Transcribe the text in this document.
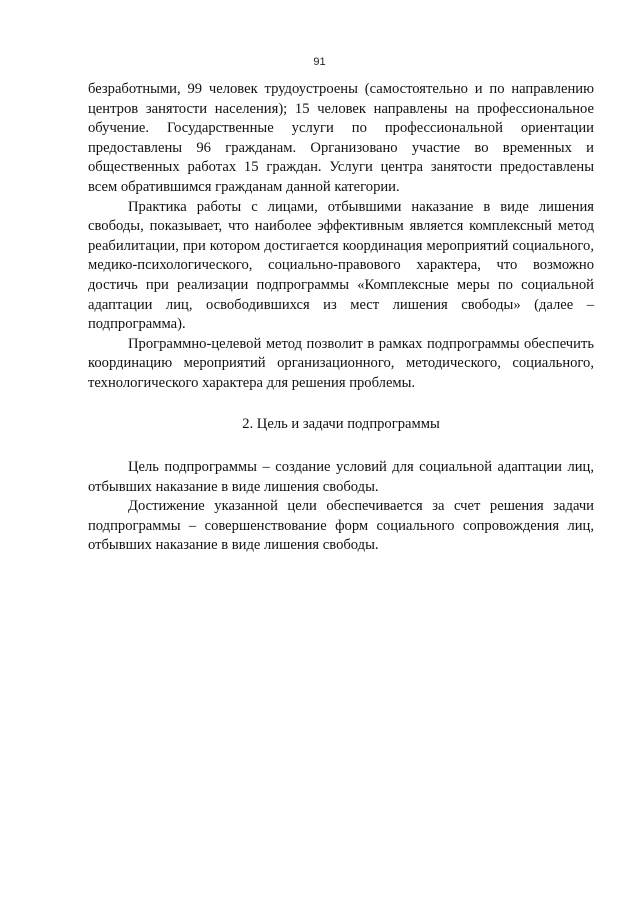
91

безработными, 99 человек трудоустроены (самостоятельно и по направлению центров занятости населения); 15 человек направлены на профессиональное обучение. Государственные услуги по профессиональной ориентации предоставлены 96 гражданам. Организовано участие во временных и общественных работах 15 граждан. Услуги центра занятости предоставлены всем обратившимся гражданам данной категории.

Практика работы с лицами, отбывшими наказание в виде лишения свободы, показывает, что наиболее эффективным является комплексный метод реабилитации, при котором достигается координация мероприятий социального, медико-психологического, социально-правового характера, что возможно достичь при реализации подпрограммы «Комплексные меры по социальной адаптации лиц, освободившихся из мест лишения свободы» (далее – подпрограмма).

Программно-целевой метод позволит в рамках подпрограммы обеспечить координацию мероприятий организационного, методического, социального, технологического характера для решения проблемы.

2. Цель и задачи подпрограммы

Цель подпрограммы – создание условий для социальной адаптации лиц, отбывших наказание в виде лишения свободы.

Достижение указанной цели обеспечивается за счет решения задачи подпрограммы – совершенствование форм социального сопровождения лиц, отбывших наказание в виде лишения свободы.
